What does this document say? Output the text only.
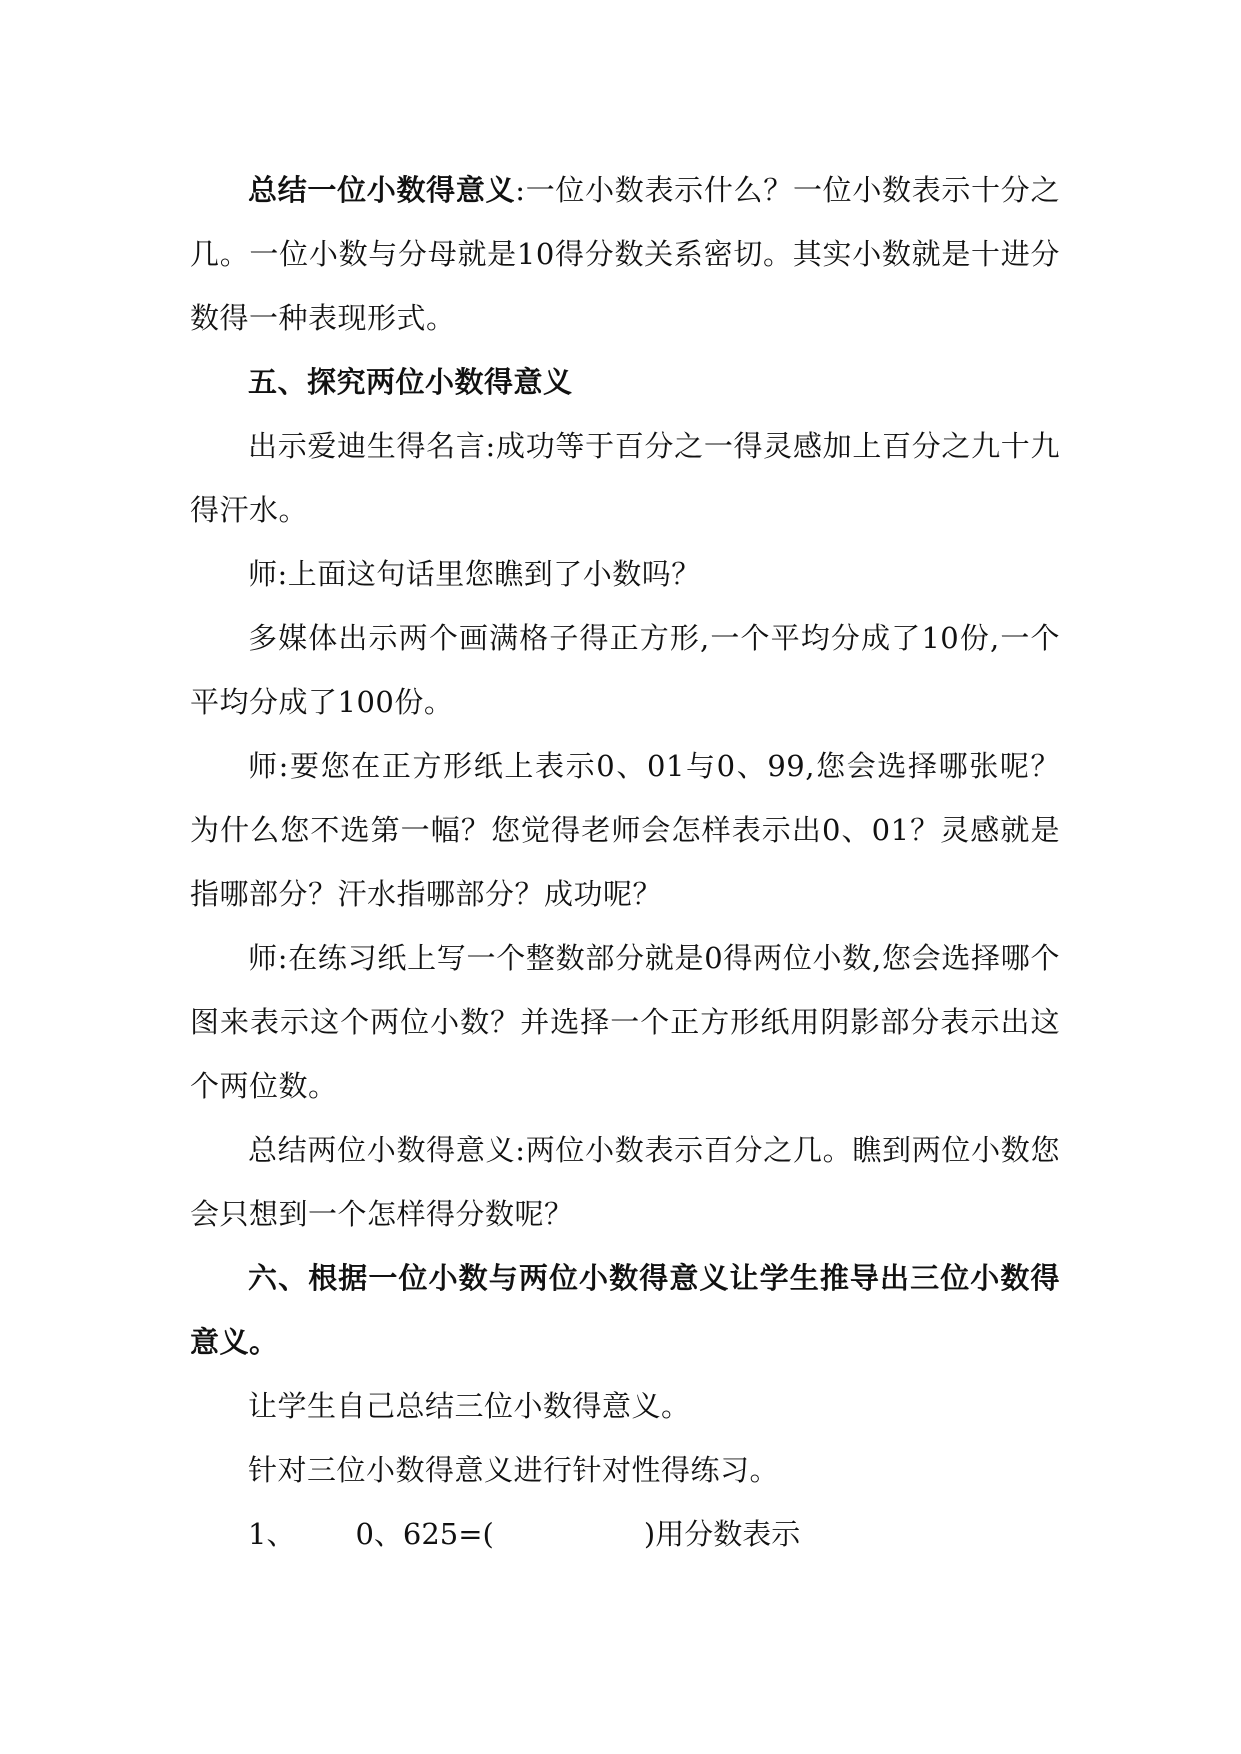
总结一位小数得意义:一位小数表示什么？一位小数表示十分之几。一位小数与分母就是10得分数关系密切。其实小数就是十进分数得一种表现形式。

五、探究两位小数得意义

出示爱迪生得名言:成功等于百分之一得灵感加上百分之九十九得汗水。

师:上面这句话里您瞧到了小数吗？

多媒体出示两个画满格子得正方形,一个平均分成了10份,一个平均分成了100份。

师:要您在正方形纸上表示0、01与0、99,您会选择哪张呢？为什么您不选第一幅？您觉得老师会怎样表示出0、01？灵感就是指哪部分？汗水指哪部分？成功呢？

师:在练习纸上写一个整数部分就是0得两位小数,您会选择哪个图来表示这个两位小数？并选择一个正方形纸用阴影部分表示出这个两位数。

总结两位小数得意义:两位小数表示百分之几。瞧到两位小数您会只想到一个怎样得分数呢？

六、根据一位小数与两位小数得意义让学生推导出三位小数得意义。

让学生自己总结三位小数得意义。

针对三位小数得意义进行针对性得练习。

1、 0、625=(	)用分数表示
